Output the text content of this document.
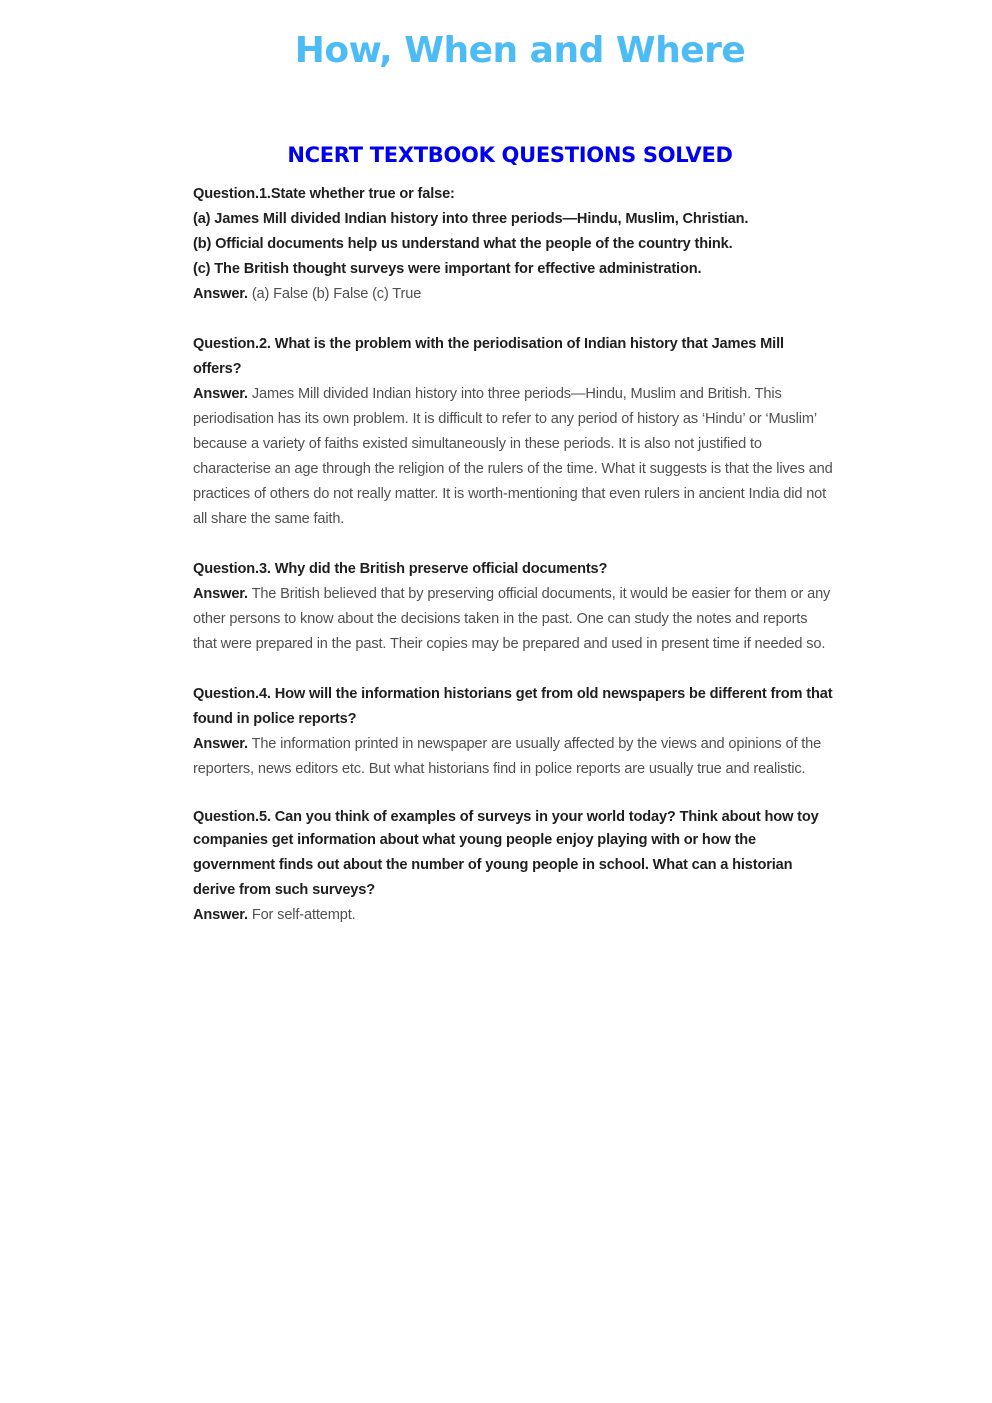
How, When and Where
NCERT TEXTBOOK QUESTIONS SOLVED

Question.1.State whether true or false:
(a) James Mill divided Indian history into three periods—Hindu, Muslim, Christian.
(b) Official documents help us understand what the people of the country think.
(c) The British thought surveys were important for effective administration.

Answer. (a) False (b) False (c) True

Question.2. What is the problem with the periodisation of Indian history that James Mill offers?

Answer. James Mill divided Indian history into three periods—Hindu, Muslim and British. This periodisation has its own problem. It is difficult to refer to any period of history as ‘Hindu’ or ‘Muslim’ because a variety of faiths existed simultaneously in these periods. It is also not justified to characterise an age through the religion of the rulers of the time. What it suggests is that the lives and practices of others do not really matter. It is worth-mentioning that even rulers in ancient India did not all share the same faith.

Question.3. Why did the British preserve official documents?

Answer. The British believed that by preserving official documents, it would be easier for them or any other persons to know about the decisions taken in the past. One can study the notes and reports that were prepared in the past. Their copies may be prepared and used in present time if needed so.

Question.4. How will the information historians get from old newspapers be different from that found in police reports?

Answer. The information printed in newspaper are usually affected by the views and opinions of the reporters, news editors etc. But what historians find in police reports are usually true and realistic.

Question.5. Can you think of examples of surveys in your world today? Think about how toy
companies get information about what young people enjoy playing with or how the government finds out about the number of young people in school. What can a historian derive from such surveys?

Answer. For self-attempt.
